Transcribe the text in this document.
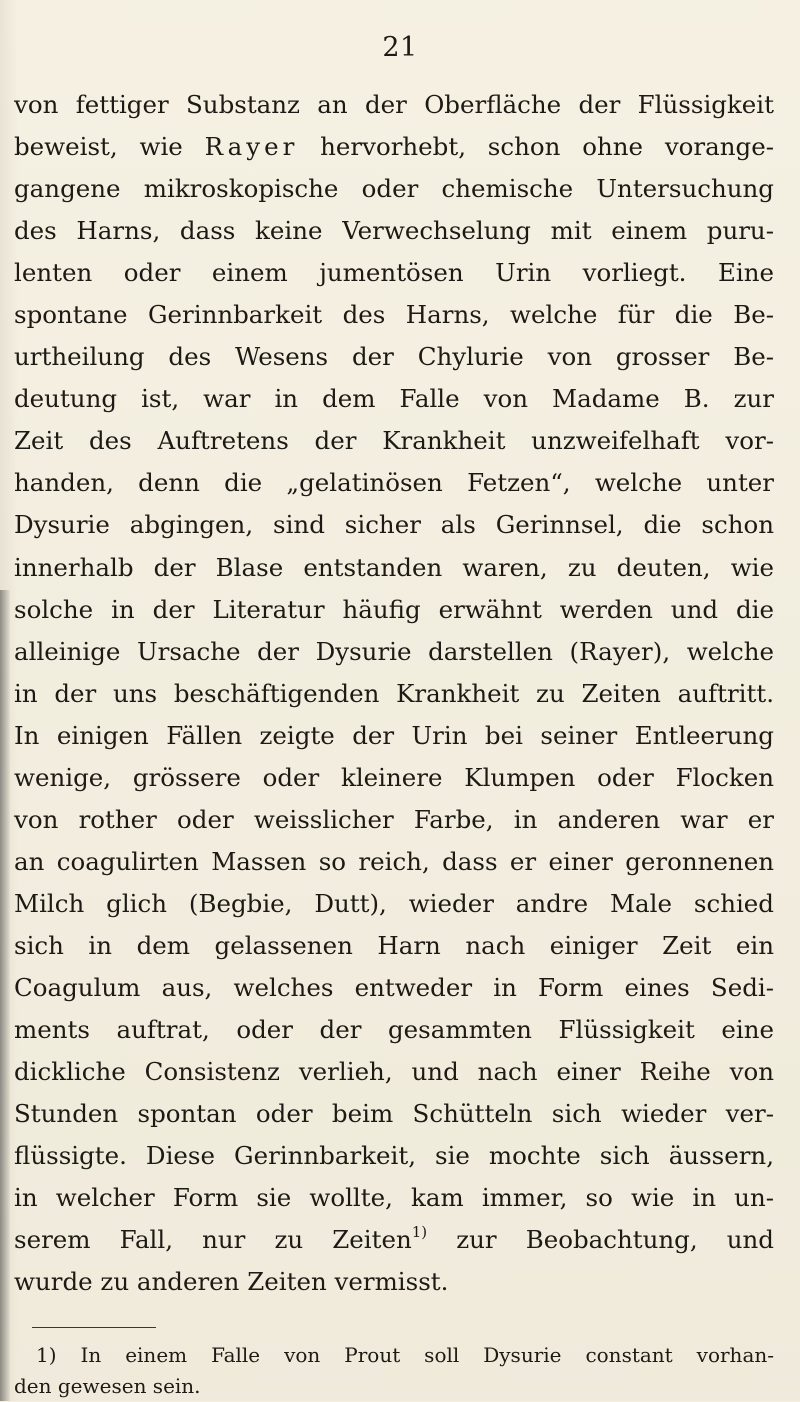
21
von fettiger Substanz an der Oberfläche der Flüssigkeit
beweist, wie Rayer hervorhebt, schon ohne vorange-
gangene mikroskopische oder chemische Untersuchung
des Harns, dass keine Verwechselung mit einem puru-
lenten oder einem jumentösen Urin vorliegt. Eine
spontane Gerinnbarkeit des Harns, welche für die Be-
urtheilung des Wesens der Chylurie von grosser Be-
deutung ist, war in dem Falle von Madame B. zur
Zeit des Auftretens der Krankheit unzweifelhaft vor-
handen, denn die „gelatinösen Fetzen“, welche unter
Dysurie abgingen, sind sicher als Gerinnsel, die schon
innerhalb der Blase entstanden waren, zu deuten, wie
solche in der Literatur häufig erwähnt werden und die
alleinige Ursache der Dysurie darstellen (Rayer), welche
in der uns beschäftigenden Krankheit zu Zeiten auftritt.
In einigen Fällen zeigte der Urin bei seiner Entleerung
wenige, grössere oder kleinere Klumpen oder Flocken
von rother oder weisslicher Farbe, in anderen war er
an coagulirten Massen so reich, dass er einer geronnenen
Milch glich (Begbie, Dutt), wieder andre Male schied
sich in dem gelassenen Harn nach einiger Zeit ein
Coagulum aus, welches entweder in Form eines Sedi-
ments auftrat, oder der gesammten Flüssigkeit eine
dickliche Consistenz verlieh, und nach einer Reihe von
Stunden spontan oder beim Schütteln sich wieder ver-
flüssigte. Diese Gerinnbarkeit, sie mochte sich äussern,
in welcher Form sie wollte, kam immer, so wie in un-
serem Fall, nur zu Zeiten$^{1)}$ zur Beobachtung, und
wurde zu anderen Zeiten vermisst.
1) In einem Falle von Prout soll Dysurie constant vorhan-
den gewesen sein.
